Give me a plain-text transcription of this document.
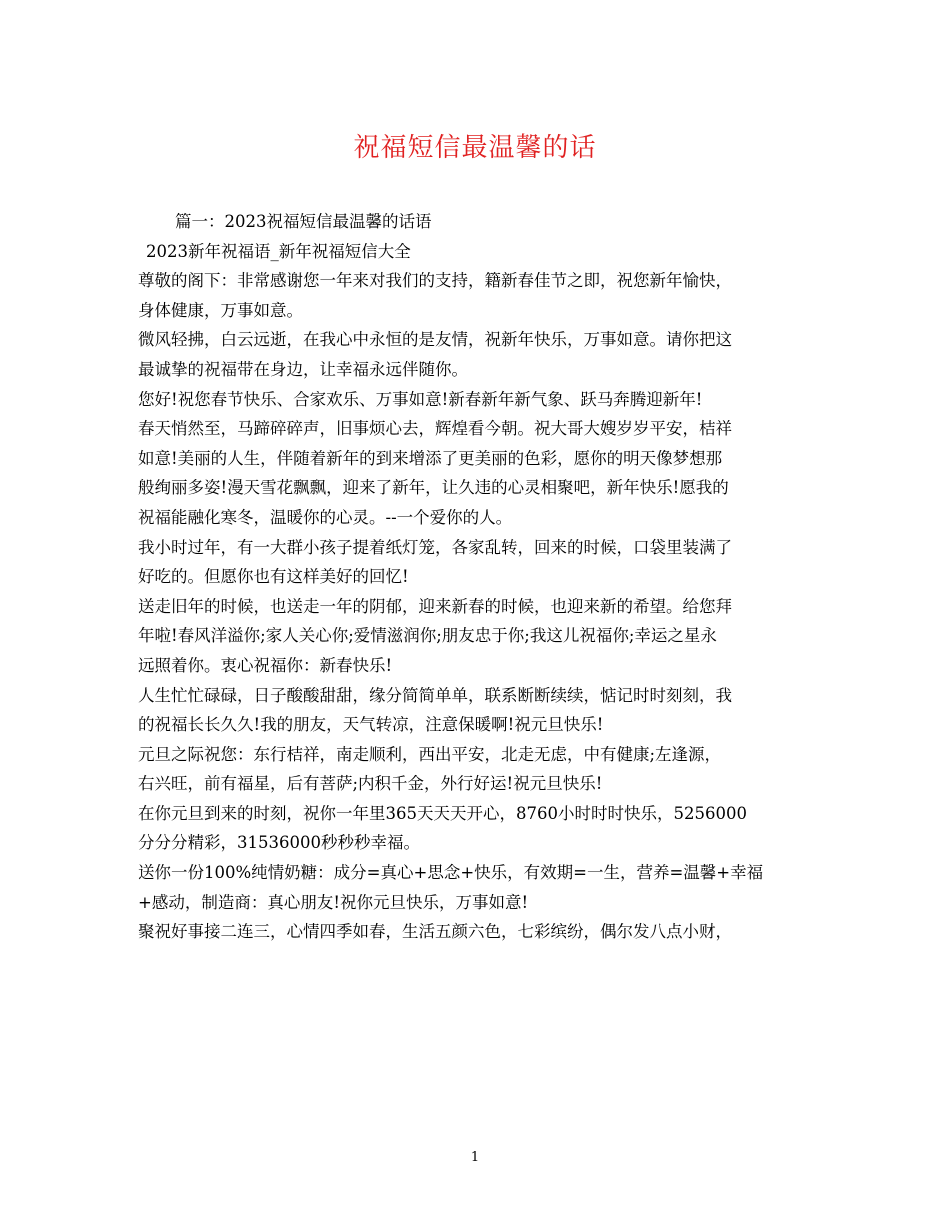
祝福短信最温馨的话
篇一：2023祝福短信最温馨的话语
2023新年祝福语_新年祝福短信大全
尊敬的阁下：非常感谢您一年来对我们的支持，籍新春佳节之即，祝您新年愉快，
身体健康，万事如意。
微风轻拂，白云远逝，在我心中永恒的是友情，祝新年快乐，万事如意。请你把这
最诚挚的祝福带在身边，让幸福永远伴随你。
您好!祝您春节快乐、合家欢乐、万事如意!新春新年新气象、跃马奔腾迎新年!
春天悄然至，马蹄碎碎声，旧事烦心去，辉煌看今朝。祝大哥大嫂岁岁平安，桔祥
如意!美丽的人生，伴随着新年的到来增添了更美丽的色彩，愿你的明天像梦想那
般绚丽多姿!漫天雪花飘飘，迎来了新年，让久违的心灵相聚吧，新年快乐!愿我的
祝福能融化寒冬，温暖你的心灵。--一个爱你的人。
我小时过年，有一大群小孩子提着纸灯笼，各家乱转，回来的时候，口袋里装满了
好吃的。但愿你也有这样美好的回忆!
送走旧年的时候，也送走一年的阴郁，迎来新春的时候，也迎来新的希望。给您拜
年啦!春风洋溢你;家人关心你;爱情滋润你;朋友忠于你;我这儿祝福你;幸运之星永
远照着你。衷心祝福你：新春快乐!
人生忙忙碌碌，日子酸酸甜甜，缘分简简单单，联系断断续续，惦记时时刻刻，我
的祝福长长久久!我的朋友，天气转凉，注意保暖啊!祝元旦快乐!
元旦之际祝您：东行桔祥，南走顺利，西出平安，北走无虑，中有健康;左逢源，
右兴旺，前有福星，后有菩萨;内积千金，外行好运!祝元旦快乐!
在你元旦到来的时刻，祝你一年里365天天天开心，8760小时时时快乐，5256000
分分分精彩，31536000秒秒秒幸福。
送你一份100%纯情奶糖：成分=真心+思念+快乐，有效期=一生，营养=温馨+幸福
+感动，制造商：真心朋友!祝你元旦快乐，万事如意!
聚祝好事接二连三，心情四季如春，生活五颜六色，七彩缤纷，偶尔发八点小财，
1
